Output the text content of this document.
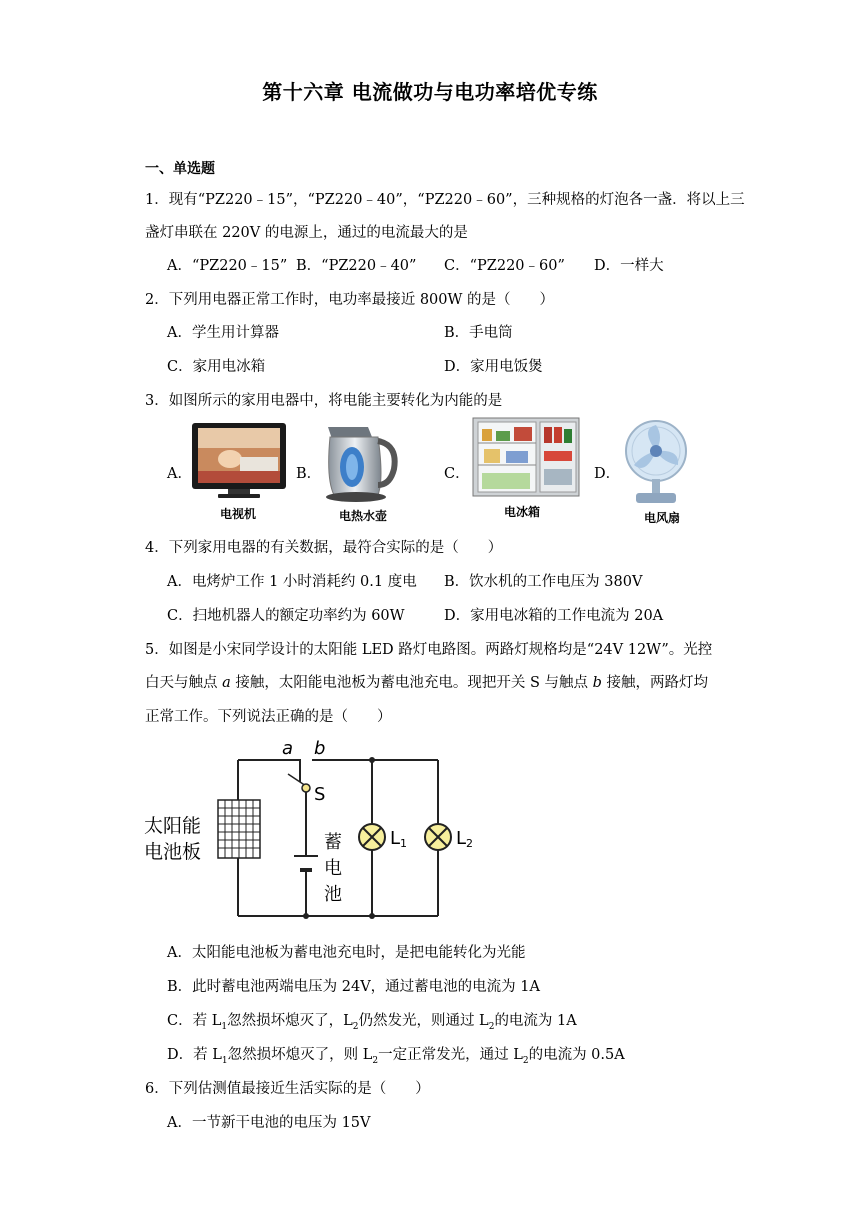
第十六章 电流做功与电功率培优专练
一、单选题
1．现有“PZ220﹣15”，“PZ220﹣40”，“PZ220﹣60”，三种规格的灯泡各一盏．将以上三
盏灯串联在 220V 的电源上，通过的电流最大的是
A．“PZ220﹣15” B．“PZ220﹣40” C．“PZ220﹣60” D．一样大
2．下列用电器正常工作时，电功率最接近 800W 的是（　　）
A．学生用计算器	B．手电筒
C．家用电冰箱	D．家用电饭煲
3．如图所示的家用电器中，将电能主要转化为内能的是
A．	B．	C．	D．
电视机	电热水壶	电冰箱	电风扇
4．下列家用电器的有关数据，最符合实际的是（　　）
A．电烤炉工作 1 小时消耗约 0.1 度电 B．饮水机的工作电压为 380V
C．扫地机器人的额定功率约为 60W	D．家用电冰箱的工作电流为 20A
5．如图是小宋同学设计的太阳能 LED 路灯电路图。两路灯规格均是“24V 12W”。光控
白天与触点 a 接触，太阳能电池板为蓄电池充电。现把开关 S 与触点 b 接触，两路灯均
正常工作。下列说法正确的是（　　）
a b
S
太阳能
电池板	蓄
电
池
L1	L2
A．太阳能电池板为蓄电池充电时，是把电能转化为光能
B．此时蓄电池两端电压为 24V，通过蓄电池的电流为 1A
C．若 $L_1$忽然损坏熄灭了，$L_2$仍然发光，则通过 $L_2$的电流为 1A
D．若 $L_1$忽然损坏熄灭了，则 $L_2$一定正常发光，通过 $L_2$的电流为 0.5A
6．下列估测值最接近生活实际的是（　　）
A．一节新干电池的电压为 15V
